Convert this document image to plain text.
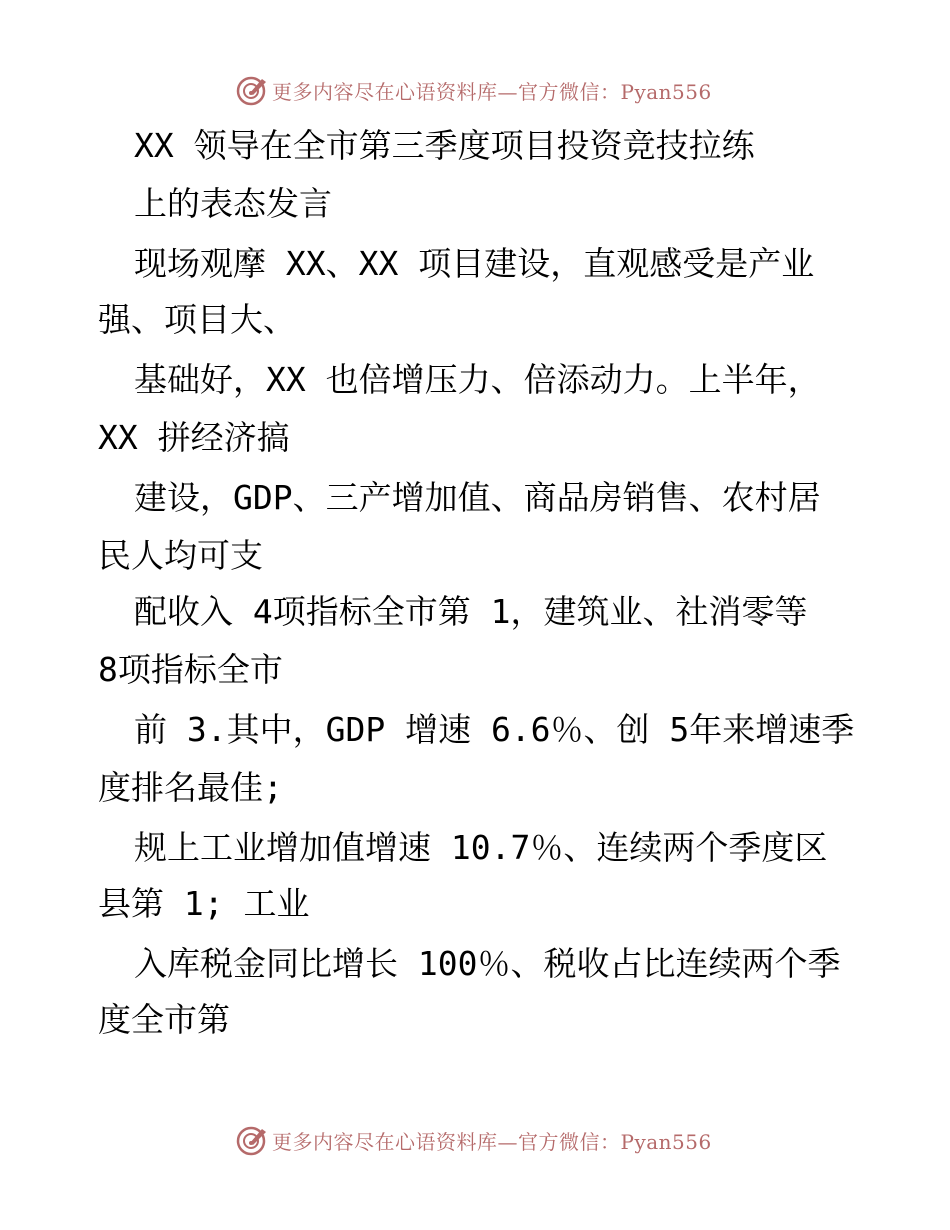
更多内容尽在心语资料库—官方微信：Pyan556
XX 领导在全市第三季度项目投资竞技拉练
上的表态发言
现场观摩 XX、XX 项目建设，直观感受是产业
强、项目大、
基础好，XX 也倍增压力、倍添动力。上半年，
XX 拼经济搞
建设，GDP、三产增加值、商品房销售、农村居
民人均可支
配收入 4项指标全市第 1，建筑业、社消零等
8项指标全市
前 3.其中，GDP 增速 6.6％、创 5年来增速季
度排名最佳;
规上工业增加值增速 10.7％、连续两个季度区
县第 1; 工业
入库税金同比增长 100％、税收占比连续两个季
度全市第
更多内容尽在心语资料库—官方微信：Pyan556
